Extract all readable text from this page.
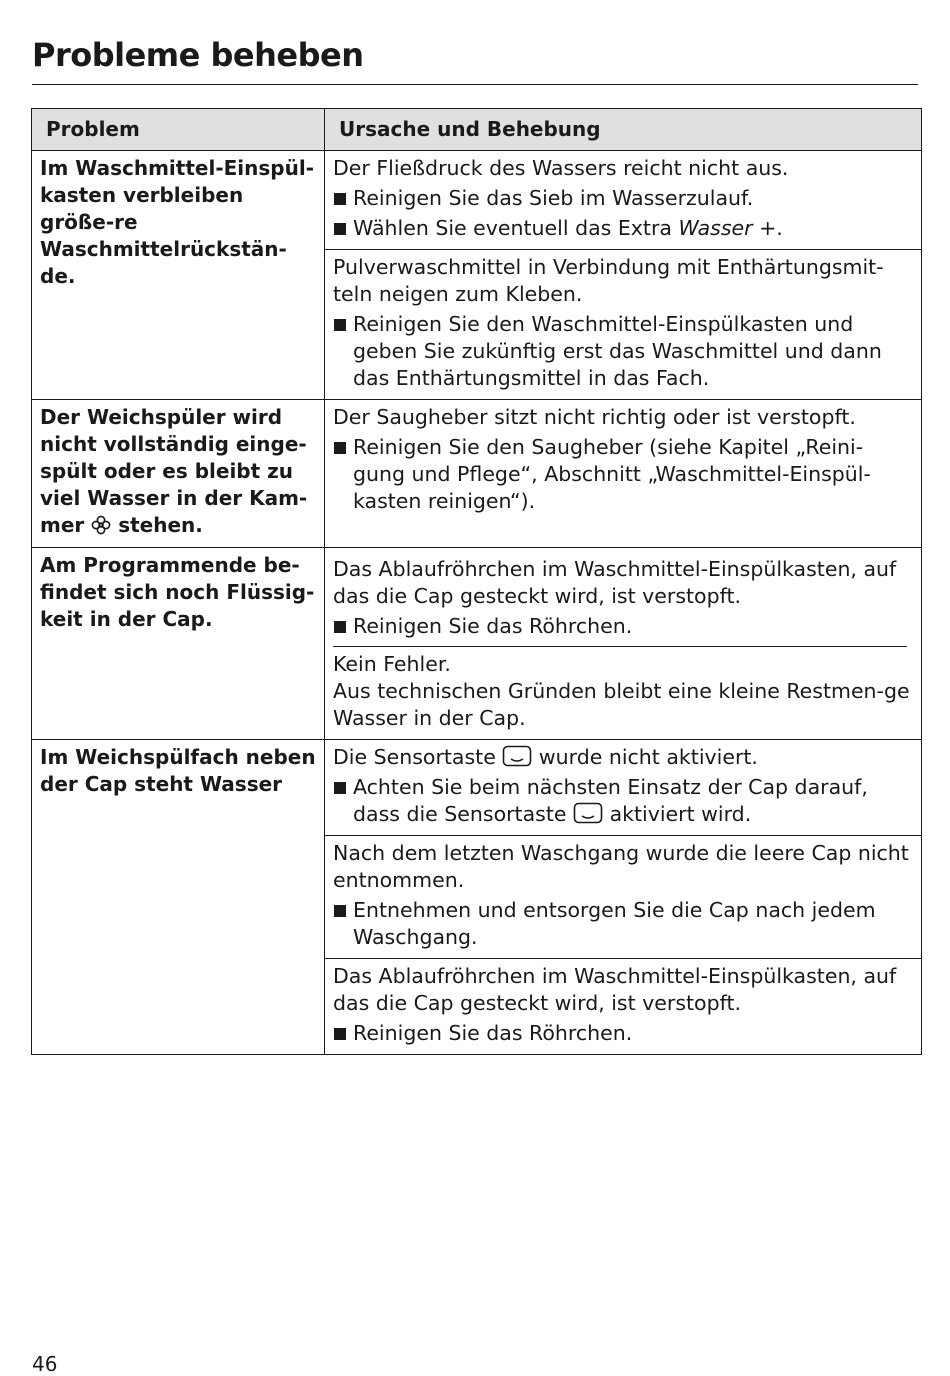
Probleme beheben
Problem	Ursache und Behebung
Im Waschmittel-Einspül-kasten verbleiben größe-re Waschmittelrückstän-de.	Der Fließdruck des Wassers reicht nicht aus.
Reinigen Sie das Sieb im Wasserzulauf.
Wählen Sie eventuell das Extra Wasser +.

	Pulverwaschmittel in Verbindung mit Enthärtungsmit-teln neigen zum Kleben.
Reinigen Sie den Waschmittel-Einspülkasten und geben Sie zukünftig erst das Waschmittel und dann das Enthärtungsmittel in das Fach.

Der Weichspüler wird nicht vollständig einge-spült oder es bleibt zu viel Wasser in der Kam-mer stehen.	Der Saugheber sitzt nicht richtig oder ist verstopft.
Reinigen Sie den Saugheber (siehe Kapitel „Reini-gung und Pflege“, Abschnitt „Waschmittel-Einspül-kasten reinigen“).

Am Programmende be-findet sich noch Flüssig-keit in der Cap.	Das Ablaufröhrchen im Waschmittel-Einspülkasten, auf das die Cap gesteckt wird, ist verstopft.
Reinigen Sie das Röhrchen.

	Kein Fehler.
Aus technischen Gründen bleibt eine kleine Restmen-ge Wasser in der Cap.

Im Weichspülfach neben der Cap steht Wasser	Die Sensortaste wurde nicht aktiviert.
Achten Sie beim nächsten Einsatz der Cap darauf, dass die Sensortaste aktiviert wird.

	Nach dem letzten Waschgang wurde die leere Cap nicht entnommen.
Entnehmen und entsorgen Sie die Cap nach jedem Waschgang.

	Das Ablaufröhrchen im Waschmittel-Einspülkasten, auf das die Cap gesteckt wird, ist verstopft.
Reinigen Sie das Röhrchen.
46
